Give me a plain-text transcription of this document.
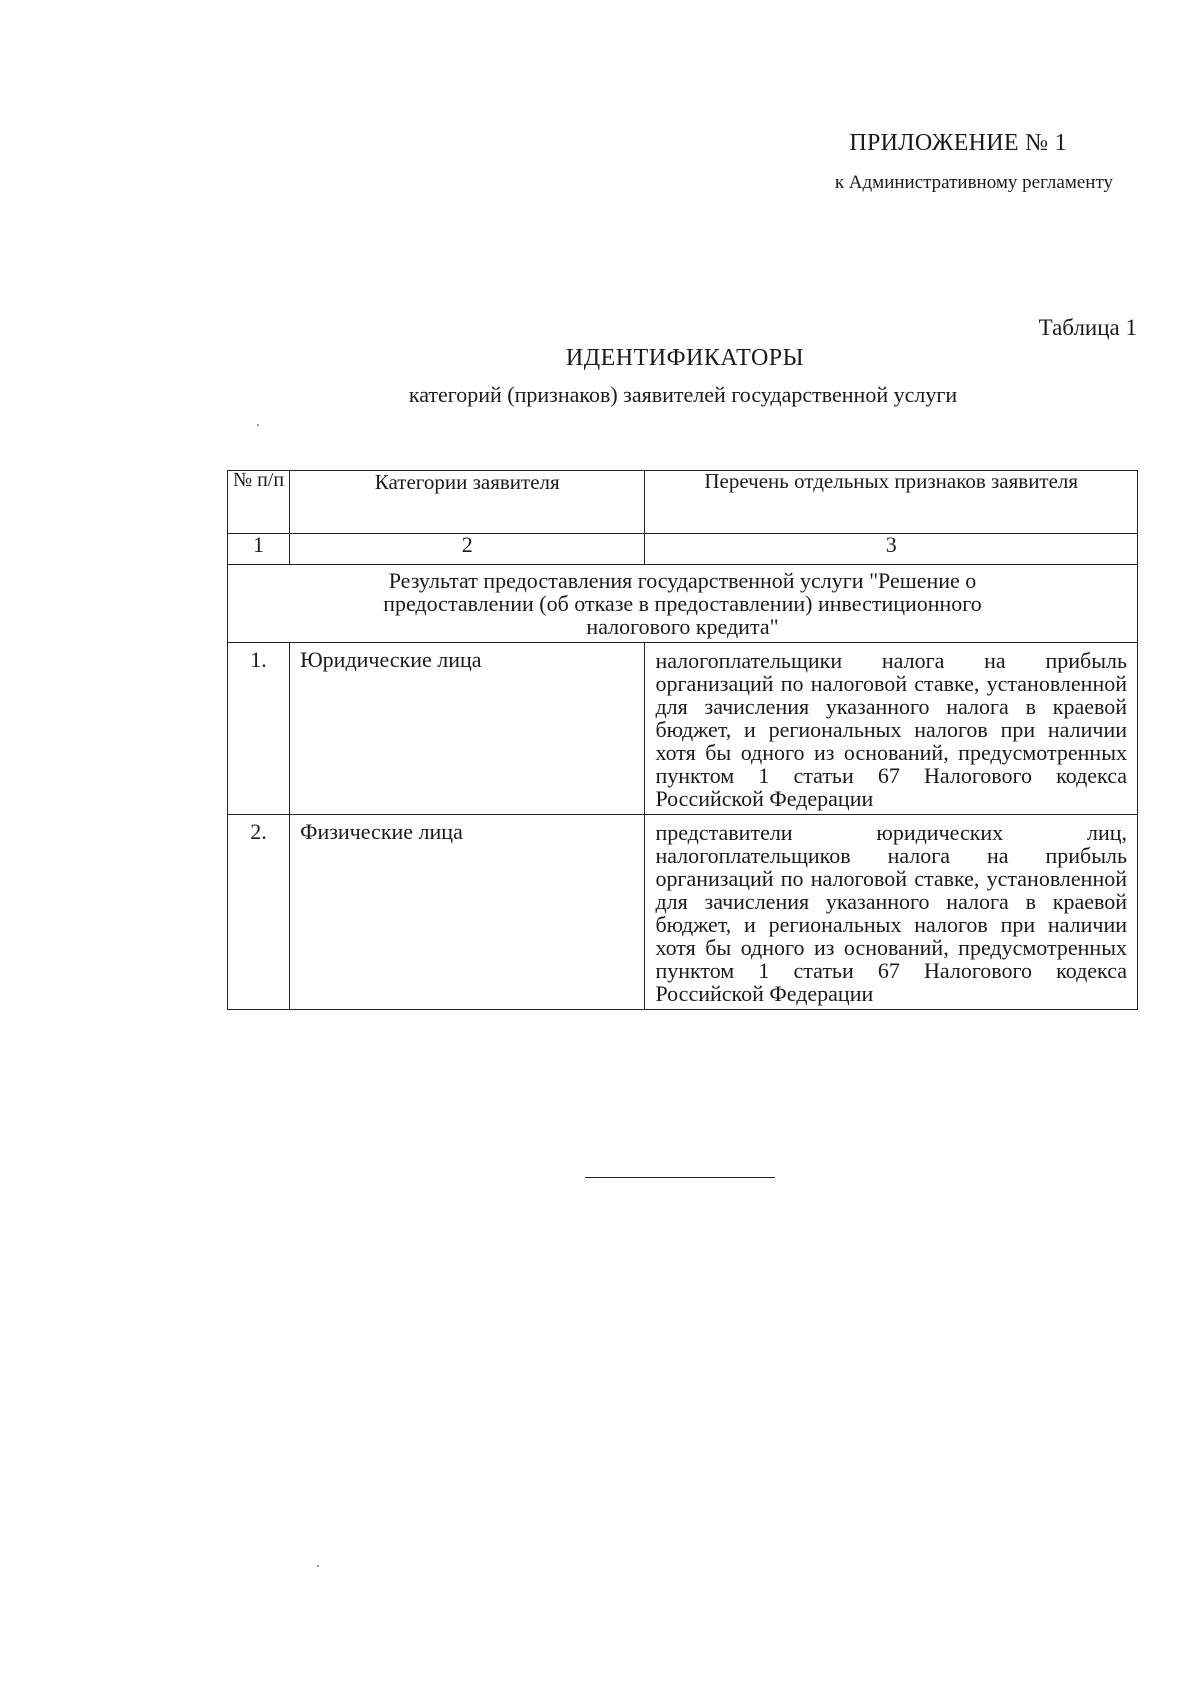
ПРИЛОЖЕНИЕ № 1
к Административному регламенту
Таблица 1
ИДЕНТИФИКАТОРЫ
категорий (признаков) заявителей государственной услуги
№ п/п	Категории заявителя	Перечень отдельных признаков заявителя
1	2	3
Результат предоставления государственной услуги "Решение о предоставлении (об отказе в предоставлении) инвестиционного налогового кредита"		
1.	Юридические лица	налогоплательщики налога на прибыль организаций по налоговой ставке, установленной для зачисления указанного налога в краевой бюджет, и региональных налогов при наличии хотя бы одного из оснований, предусмотренных пунктом 1 статьи 67 Налогового кодекса Российской Федерации
2.	Физические лица	представители юридических лиц, налогоплательщиков налога на прибыль организаций по налоговой ставке, установленной для зачисления указанного налога в краевой бюджет, и региональных налогов при наличии хотя бы одного из оснований, предусмотренных пунктом 1 статьи 67 Налогового кодекса Российской Федерации
